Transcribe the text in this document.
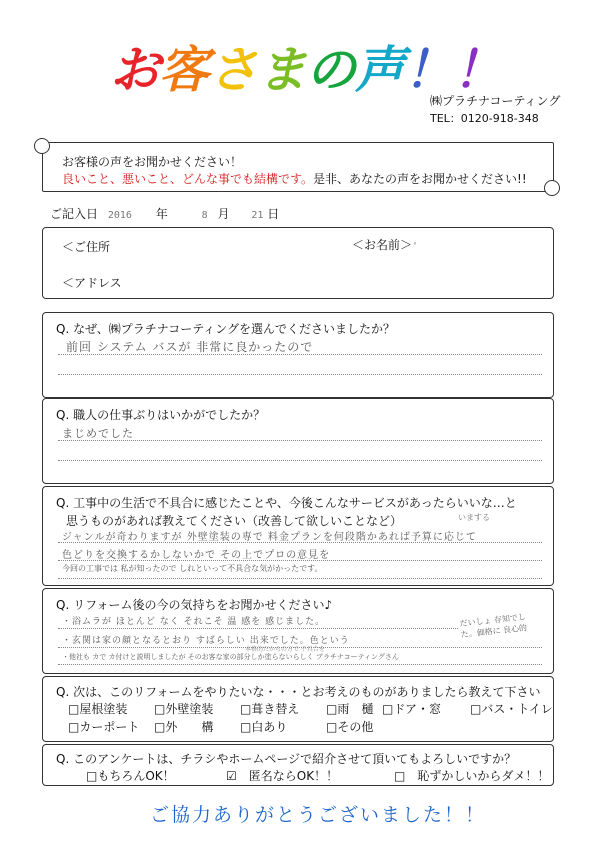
お客さまの声！！
㈱プラチナコーティング
TEL：0120-918-348
お客様の声をお聞かせください！
良いこと、悪いこと、どんな事でも結構です。是非、あなたの声をお聞かせください!!
ご記入日 2016 年	8 月 21 日
＜ご住所	＜お名前＞'
＜アドレス
Q. なぜ、㈱プラチナコーティングを選んでくださいましたか？
前回 システム バスが 非常に良かったので
Q. 職人の仕事ぶりはいかがでしたか？
まじめでした
Q. 工事中の生活で不具合に感じたことや、今後こんなサービスがあったらいいな…と
思うものがあれば教えてください（改善して欲しいことなど）	いまする
ジャンルが奇わりますが 外壁塗装の専で 料金プランを何段階かあれば予算に応じて
色どりを交換するかしないかで その上でプロの意見を
今回の工事では 私が知ったので しれといって不具合な気がかったです。
Q. リフォーム後の今の気持ちをお聞かせください♪
・浴ムラが ほとんど なく それこそ 温 感を 感じました。
・玄関は家の顔となるとおり すばらしい 出来でした。色という
・他社も カで カ付けと説明しましたが そのお客な家の部分しか塗らないらしく プラチナコーティングさん
本格的だからの方で 不具合を
だいしょ 存知でした。価格に 良心的
Q. 次は、このリフォームをやりたいな・・・とお考えのものがありましたら教えて下さい
□屋根塗装 □外壁塗装 □葺き替え □雨　樋 □ドア・窓 □バス・トイレ
□カーポート □外　　構 □白あり	□その他
Q. このアンケートは、チラシやホームページで紹介させて頂いてもよろしいですか？
□もちろんOK！	☑　匿名ならOK！！	□　恥ずかしいからダメ！！
ご協力ありがとうございました！！
